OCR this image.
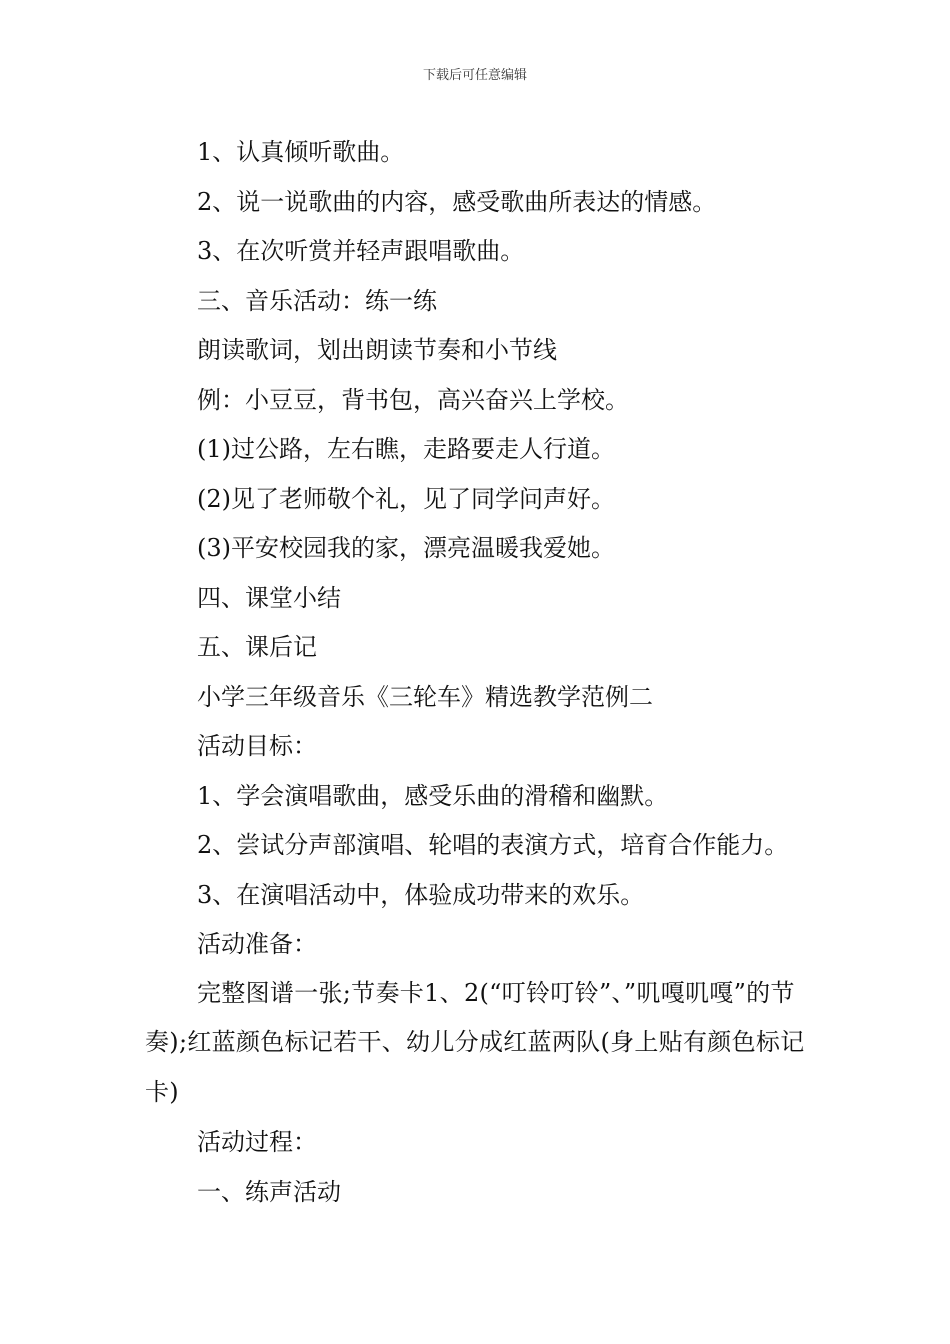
下载后可任意编辑
1、认真倾听歌曲。
2、说一说歌曲的内容，感受歌曲所表达的情感。
3、在次听赏并轻声跟唱歌曲。
三、音乐活动：练一练
朗读歌词，划出朗读节奏和小节线
例：小豆豆，背书包，高兴奋兴上学校。
(1)过公路，左右瞧，走路要走人行道。
(2)见了老师敬个礼，见了同学问声好。
(3)平安校园我的家，漂亮温暖我爱她。
四、课堂小结
五、课后记
小学三年级音乐《三轮车》精选教学范例二
活动目标：
1、学会演唱歌曲，感受乐曲的滑稽和幽默。
2、尝试分声部演唱、轮唱的表演方式，培育合作能力。
3、在演唱活动中，体验成功带来的欢乐。
活动准备：

完整图谱一张;节奏卡1、2(“叮铃叮铃”、”叽嘎叽嘎”的节奏);红蓝颜色标记若干、幼儿分成红蓝两队(身上贴有颜色标记卡)

活动过程：
一、练声活动
